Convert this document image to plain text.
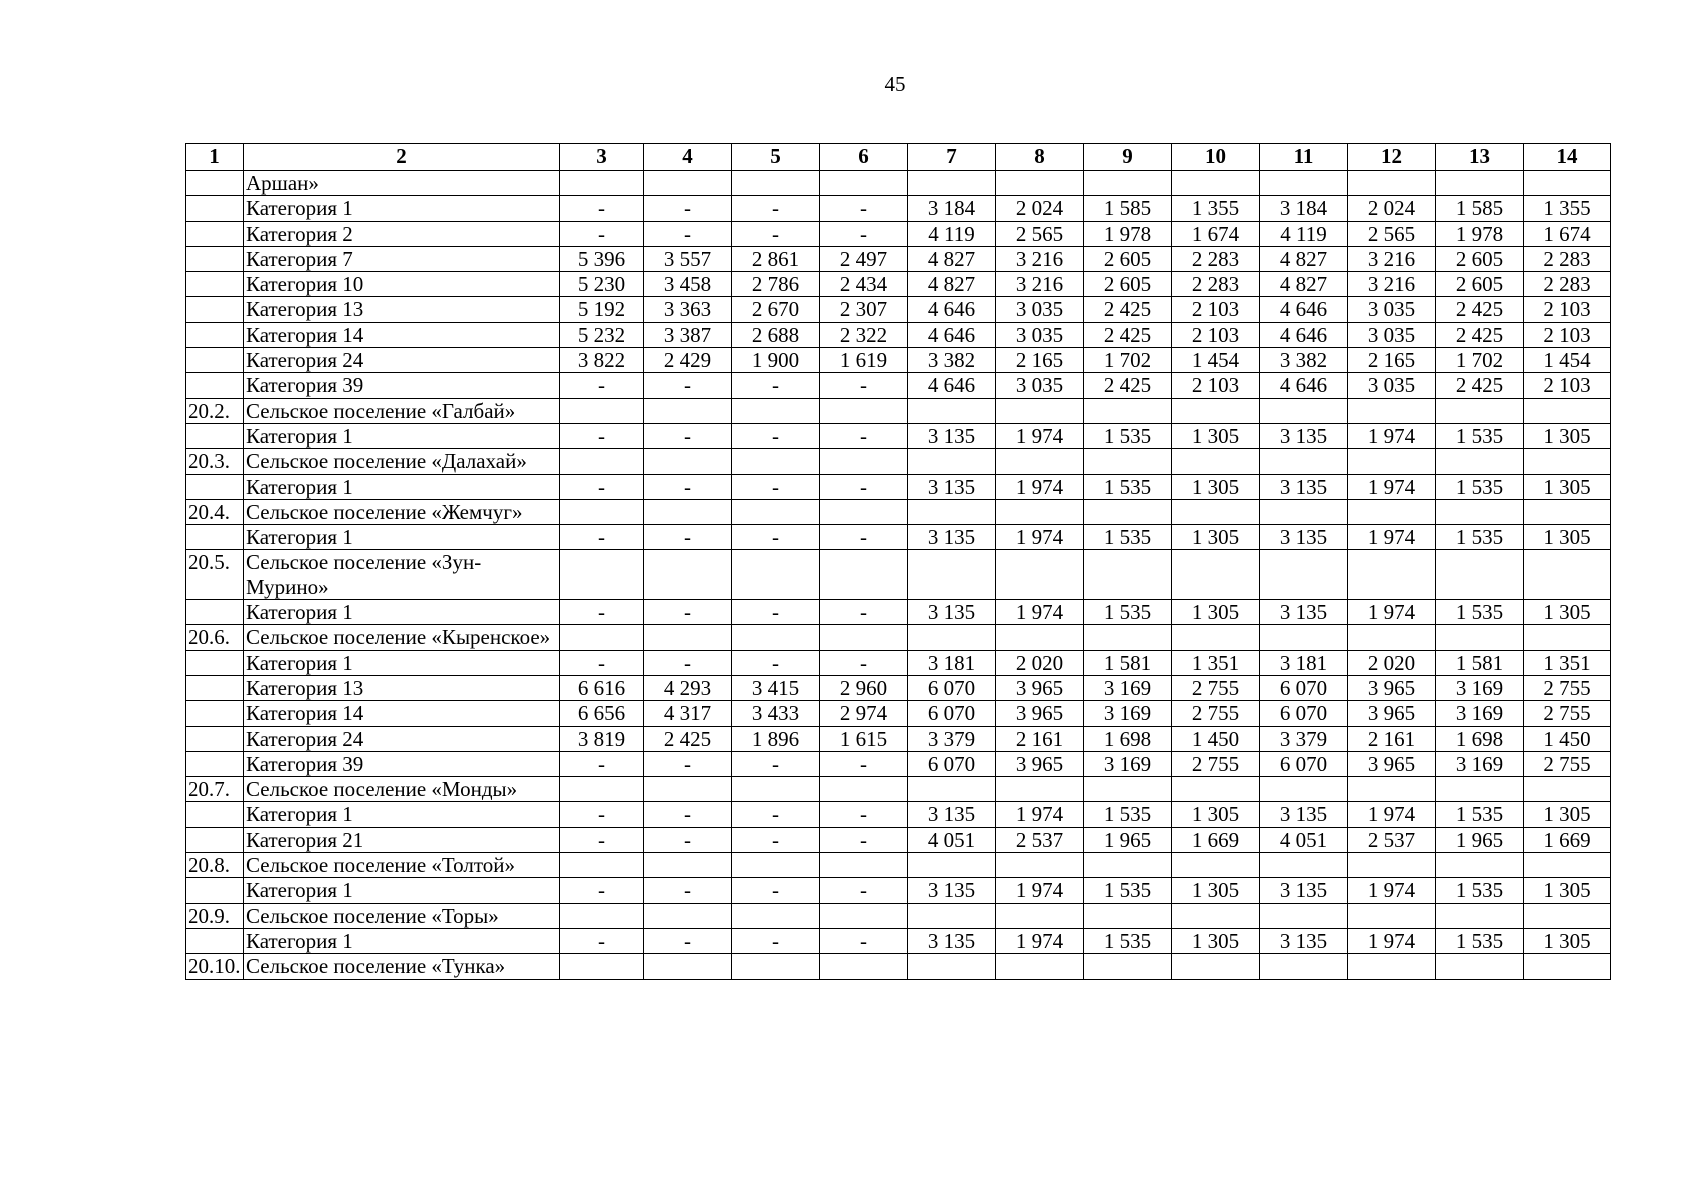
45
1	2	3	4	5	6	7	8	9	10	11	12	13	14
	Аршан»												
	Категория 1	-	-	-	-	3 184	2 024	1 585	1 355	3 184	2 024	1 585	1 355
	Категория 2	-	-	-	-	4 119	2 565	1 978	1 674	4 119	2 565	1 978	1 674
	Категория 7	5 396	3 557	2 861	2 497	4 827	3 216	2 605	2 283	4 827	3 216	2 605	2 283
	Категория 10	5 230	3 458	2 786	2 434	4 827	3 216	2 605	2 283	4 827	3 216	2 605	2 283
	Категория 13	5 192	3 363	2 670	2 307	4 646	3 035	2 425	2 103	4 646	3 035	2 425	2 103
	Категория 14	5 232	3 387	2 688	2 322	4 646	3 035	2 425	2 103	4 646	3 035	2 425	2 103
	Категория 24	3 822	2 429	1 900	1 619	3 382	2 165	1 702	1 454	3 382	2 165	1 702	1 454
	Категория 39	-	-	-	-	4 646	3 035	2 425	2 103	4 646	3 035	2 425	2 103
20.2.	Сельское поселение «Галбай»												
	Категория 1	-	-	-	-	3 135	1 974	1 535	1 305	3 135	1 974	1 535	1 305
20.3.	Сельское поселение «Далахай»												
	Категория 1	-	-	-	-	3 135	1 974	1 535	1 305	3 135	1 974	1 535	1 305
20.4.	Сельское поселение «Жемчуг»												
	Категория 1	-	-	-	-	3 135	1 974	1 535	1 305	3 135	1 974	1 535	1 305
20.5.	Сельское поселение «Зун-Мурино»												
	Категория 1	-	-	-	-	3 135	1 974	1 535	1 305	3 135	1 974	1 535	1 305
20.6.	Сельское поселение «Кыренское»												
	Категория 1	-	-	-	-	3 181	2 020	1 581	1 351	3 181	2 020	1 581	1 351
	Категория 13	6 616	4 293	3 415	2 960	6 070	3 965	3 169	2 755	6 070	3 965	3 169	2 755
	Категория 14	6 656	4 317	3 433	2 974	6 070	3 965	3 169	2 755	6 070	3 965	3 169	2 755
	Категория 24	3 819	2 425	1 896	1 615	3 379	2 161	1 698	1 450	3 379	2 161	1 698	1 450
	Категория 39	-	-	-	-	6 070	3 965	3 169	2 755	6 070	3 965	3 169	2 755
20.7.	Сельское поселение «Монды»												
	Категория 1	-	-	-	-	3 135	1 974	1 535	1 305	3 135	1 974	1 535	1 305
	Категория 21	-	-	-	-	4 051	2 537	1 965	1 669	4 051	2 537	1 965	1 669
20.8.	Сельское поселение «Толтой»												
	Категория 1	-	-	-	-	3 135	1 974	1 535	1 305	3 135	1 974	1 535	1 305
20.9.	Сельское поселение «Торы»												
	Категория 1	-	-	-	-	3 135	1 974	1 535	1 305	3 135	1 974	1 535	1 305
20.10.	Сельское поселение «Тунка»												
